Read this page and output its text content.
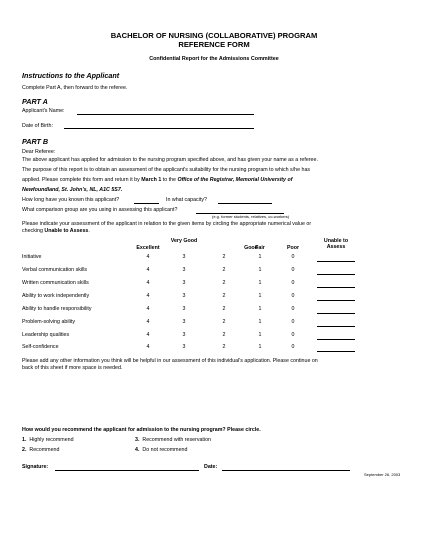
BACHELOR OF NURSING (COLLABORATIVE) PROGRAM
REFERENCE FORM
Confidential Report for the Admissions Committee
Instructions to the Applicant
Complete Part A, then forward to the referee.
PART A
Applicant's Name:
Date of Birth:
PART B
Dear Referee:
The above applicant has applied for admission to the nursing program specified above, and has given your name as a referee.
The purpose of this report is to obtain an assessment of the applicant's suitability for the nursing program to which s/he has
applied. Please complete this form and return it by March 1 to the Office of the Registrar, Memorial University of
Newfoundland, St. John's, NL, A1C 5S7.
How long have you known this applicant?	In what capacity?
What comparison group are you using in assessing this applicant?
(e.g. former students, relatives, co-workers)
Please indicate your assessment of the applicant in relation to the given items by circling the appropriate numerical value or
checking Unable to Assess.
Excellent
Very Good
Good
Fair	Poor
Unable to Assess
Initiative	4	3	2	1	0
Verbal communication skills	4	3	2	1	0
Written communication skills	4	3	2	1	0
Ability to work independently	4	3	2	1	0
Ability to handle responsibility	4	3	2	1	0
Problem-solving ability	4	3	2	1	0
Leadership qualities	4	3	2	1	0
Self-confidence	4	3	2	1	0
Please add any other information you think will be helpful in our assessment of this individual's application. Please continue on
back of this sheet if more space is needed.
How would you recommend the applicant for admission to the nursing program? Please circle.
1. Highly recommend	3. Recommend with reservation
2. Recommend	4. Do not recommend
Signature:	Date:
September 26, 2003
